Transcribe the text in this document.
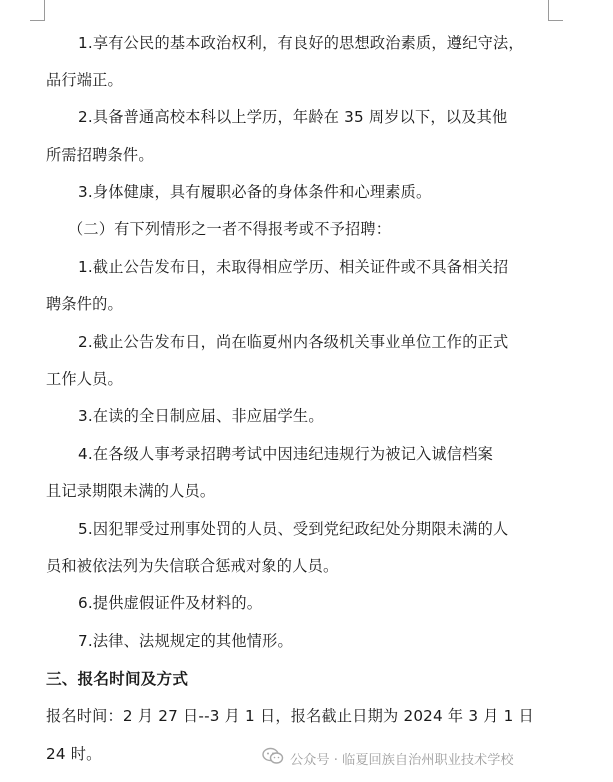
1.享有公民的基本政治权利，有良好的思想政治素质，遵纪守法，
品行端正。
2.具备普通高校本科以上学历，年龄在 35 周岁以下，以及其他
所需招聘条件。
3.身体健康，具有履职必备的身体条件和心理素质。
（二）有下列情形之一者不得报考或不予招聘：
1.截止公告发布日，未取得相应学历、相关证件或不具备相关招
聘条件的。
2.截止公告发布日，尚在临夏州内各级机关事业单位工作的正式
工作人员。
3.在读的全日制应届、非应届学生。
4.在各级人事考录招聘考试中因违纪违规行为被记入诚信档案
且记录期限未满的人员。
5.因犯罪受过刑事处罚的人员、受到党纪政纪处分期限未满的人
员和被依法列为失信联合惩戒对象的人员。
6.提供虚假证件及材料的。
7.法律、法规规定的其他情形。
三、报名时间及方式
报名时间：2 月 27 日--3 月 1 日，报名截止日期为 2024 年 3 月 1 日
24 时。	公众号 · 临夏回族自治州职业技术学校
